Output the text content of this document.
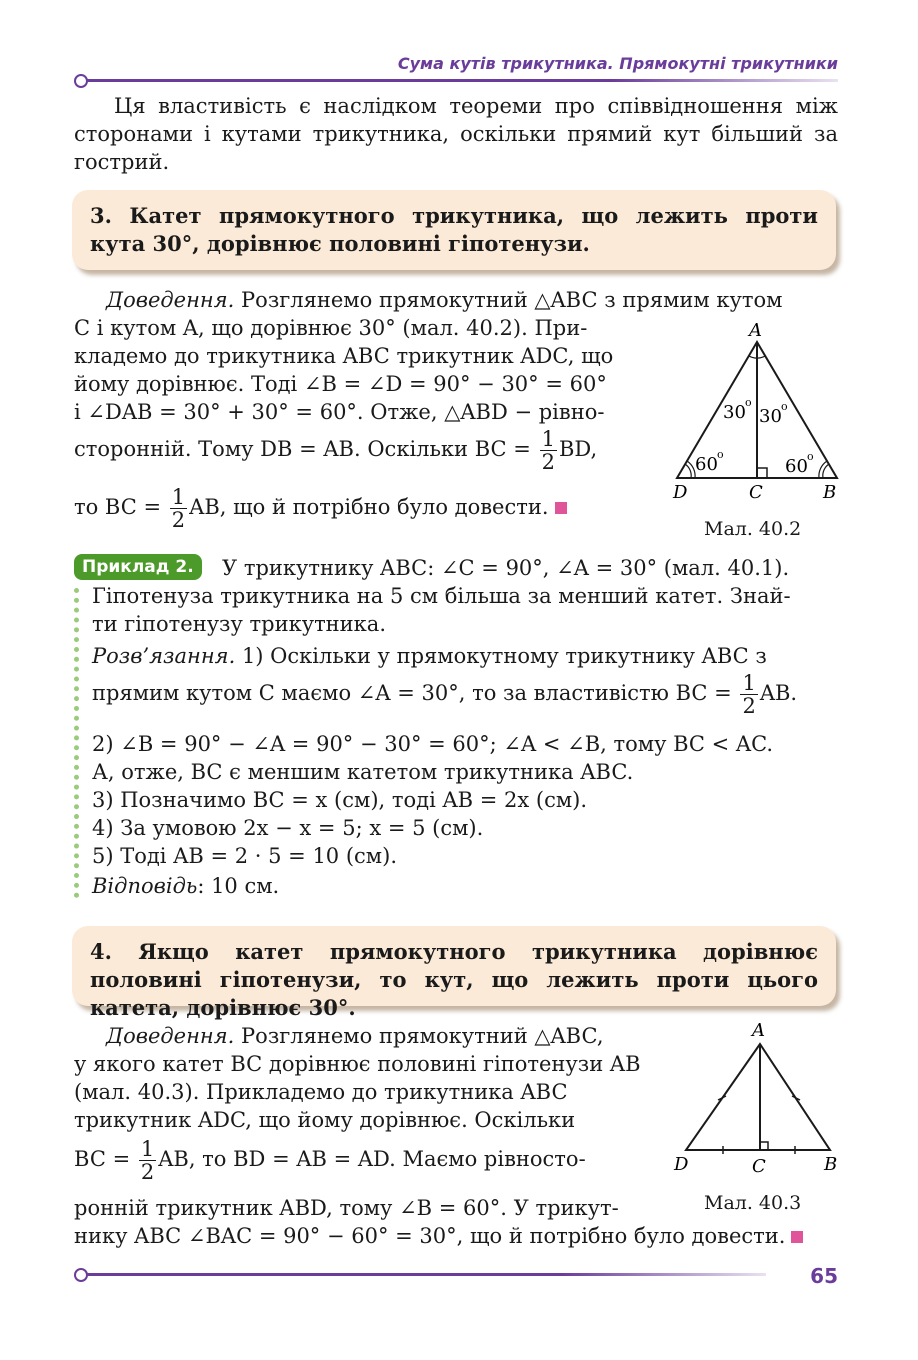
Сума кутів трикутника. Прямокутні трикутники
Ця властивість є наслідком теореми про співвідношення між сторонами і кутами трикутника, оскільки прямий кут більший за гострий.
3. Катет прямокутного трикутника, що лежить проти кута 30°, дорівнює половині гіпотенузи.
Доведення. Розглянемо прямокутний △ABC з прямим кутом
C і кутом A, що дорівнює 30° (мал. 40.2). При-
кладемо до трикутника ABC трикутник ADC, що
йому дорівнює. Тоді ∠B = ∠D = 90° − 30° = 60°
і ∠DAB = 30° + 30° = 60°. Отже, △ABD − рівно-
сторонній. Тому DB = AB. Оскільки BC = $\frac{1}{2}$ BD,
то BC = $\frac{1}{2}$ AB, що й потрібно було довести.
A
D	C	B
30 o
30 o
60 o
60 o
Мал. 40.2
Приклад 2.	У трикутнику ABC: ∠C = 90°, ∠A = 30° (мал. 40.1).
Гіпотенуза трикутника на 5 см більша за менший катет. Знай-
ти гіпотенузу трикутника.
Розв’язання. 1) Оскільки у прямокутному трикутнику ABC з
прямим кутом C маємо ∠A = 30°, то за властивістю BC = $\frac{1}{2}$ AB.
2) ∠B = 90° − ∠A = 90° − 30° = 60°; ∠A < ∠B, тому BC < AC.
А, отже, BC є меншим катетом трикутника ABC.
3) Позначимо BC = x (см), тоді AB = 2x (см).
4) За умовою 2x − x = 5; x = 5 (см).
5) Тоді AB = 2 · 5 = 10 (см).
Відповідь: 10 см.
4. Якщо катет прямокутного трикутника дорівнює половині гіпотенузи, то кут, що лежить проти цього катета, дорівнює 30°.
Доведення. Розглянемо прямокутний △ABC,
у якого катет BC дорівнює половині гіпотенузи AB
(мал. 40.3). Прикладемо до трикутника ABC
трикутник ADC, що йому дорівнює. Оскільки
BC = $\frac{1}{2}$ AB, то BD = AB = AD. Маємо рівносто-
ронній трикутник ABD, тому ∠B = 60°. У трикут-
нику ABC ∠BAC = 90° − 60° = 30°, що й потрібно було довести.
A
D	C	B
Мал. 40.3
65
